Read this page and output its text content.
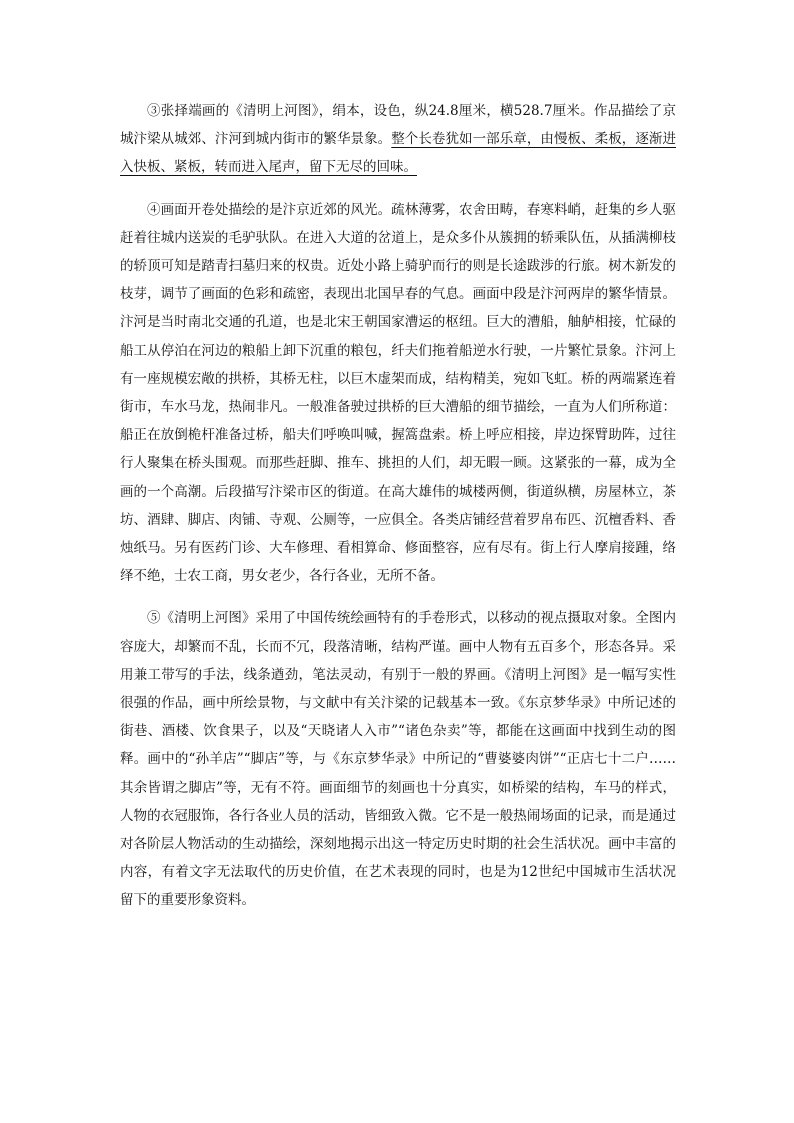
③张择端画的《清明上河图》，绢本，设色，纵24.8厘米，横528.7厘米。作品描绘了京城汴梁从城郊、汴河到城内街市的繁华景象。整个长卷犹如一部乐章，由慢板、柔板，逐渐进入快板、紧板，转而进入尾声，留下无尽的回味。

④画面开卷处描绘的是汴京近郊的风光。疏林薄雾，农舍田畴，春寒料峭，赶集的乡人驱赶着往城内送炭的毛驴驮队。在进入大道的岔道上，是众多仆从簇拥的轿乘队伍，从插满柳枝的轿顶可知是踏青扫墓归来的权贵。近处小路上骑驴而行的则是长途跋涉的行旅。树木新发的枝芽，调节了画面的色彩和疏密，表现出北国早春的气息。画面中段是汴河两岸的繁华情景。汴河是当时南北交通的孔道，也是北宋王朝国家漕运的枢纽。巨大的漕船，舳舻相接，忙碌的船工从停泊在河边的粮船上卸下沉重的粮包，纤夫们拖着船逆水行驶，一片繁忙景象。汴河上有一座规模宏敞的拱桥，其桥无柱，以巨木虚架而成，结构精美，宛如飞虹。桥的两端紧连着街市，车水马龙，热闹非凡。一般准备驶过拱桥的巨大漕船的细节描绘，一直为人们所称道：船正在放倒桅杆准备过桥，船夫们呼唤叫喊，握篙盘索。桥上呼应相接，岸边探臂助阵，过往行人聚集在桥头围观。而那些赶脚、推车、挑担的人们，却无暇一顾。这紧张的一幕，成为全画的一个高潮。后段描写汴梁市区的街道。在高大雄伟的城楼两侧，街道纵横，房屋林立，茶坊、酒肆、脚店、肉铺、寺观、公厕等，一应俱全。各类店铺经营着罗帛布匹、沉檀香料、香烛纸马。另有医药门诊、大车修理、看相算命、修面整容，应有尽有。街上行人摩肩接踵，络绎不绝，士农工商，男女老少，各行各业，无所不备。

⑤《清明上河图》采用了中国传统绘画特有的手卷形式，以移动的视点摄取对象。全图内容庞大，却繁而不乱，长而不冗，段落清晰，结构严谨。画中人物有五百多个，形态各异。采用兼工带写的手法，线条遒劲，笔法灵动，有别于一般的界画。《清明上河图》是一幅写实性很强的作品，画中所绘景物，与文献中有关汴梁的记载基本一致。《东京梦华录》中所记述的街巷、酒楼、饮食果子，以及“天晓诸人入市”“诸色杂卖”等，都能在这画面中找到生动的图释。画中的“孙羊店”“脚店”等，与《东京梦华录》中所记的“曹婆婆肉饼”“正店七十二户……其余皆谓之脚店”等，无有不符。画面细节的刻画也十分真实，如桥梁的结构，车马的样式，人物的衣冠服饰，各行各业人员的活动，皆细致入微。它不是一般热闹场面的记录，而是通过对各阶层人物活动的生动描绘，深刻地揭示出这一特定历史时期的社会生活状况。画中丰富的内容，有着文字无法取代的历史价值，在艺术表现的同时，也是为12世纪中国城市生活状况留下的重要形象资料。
